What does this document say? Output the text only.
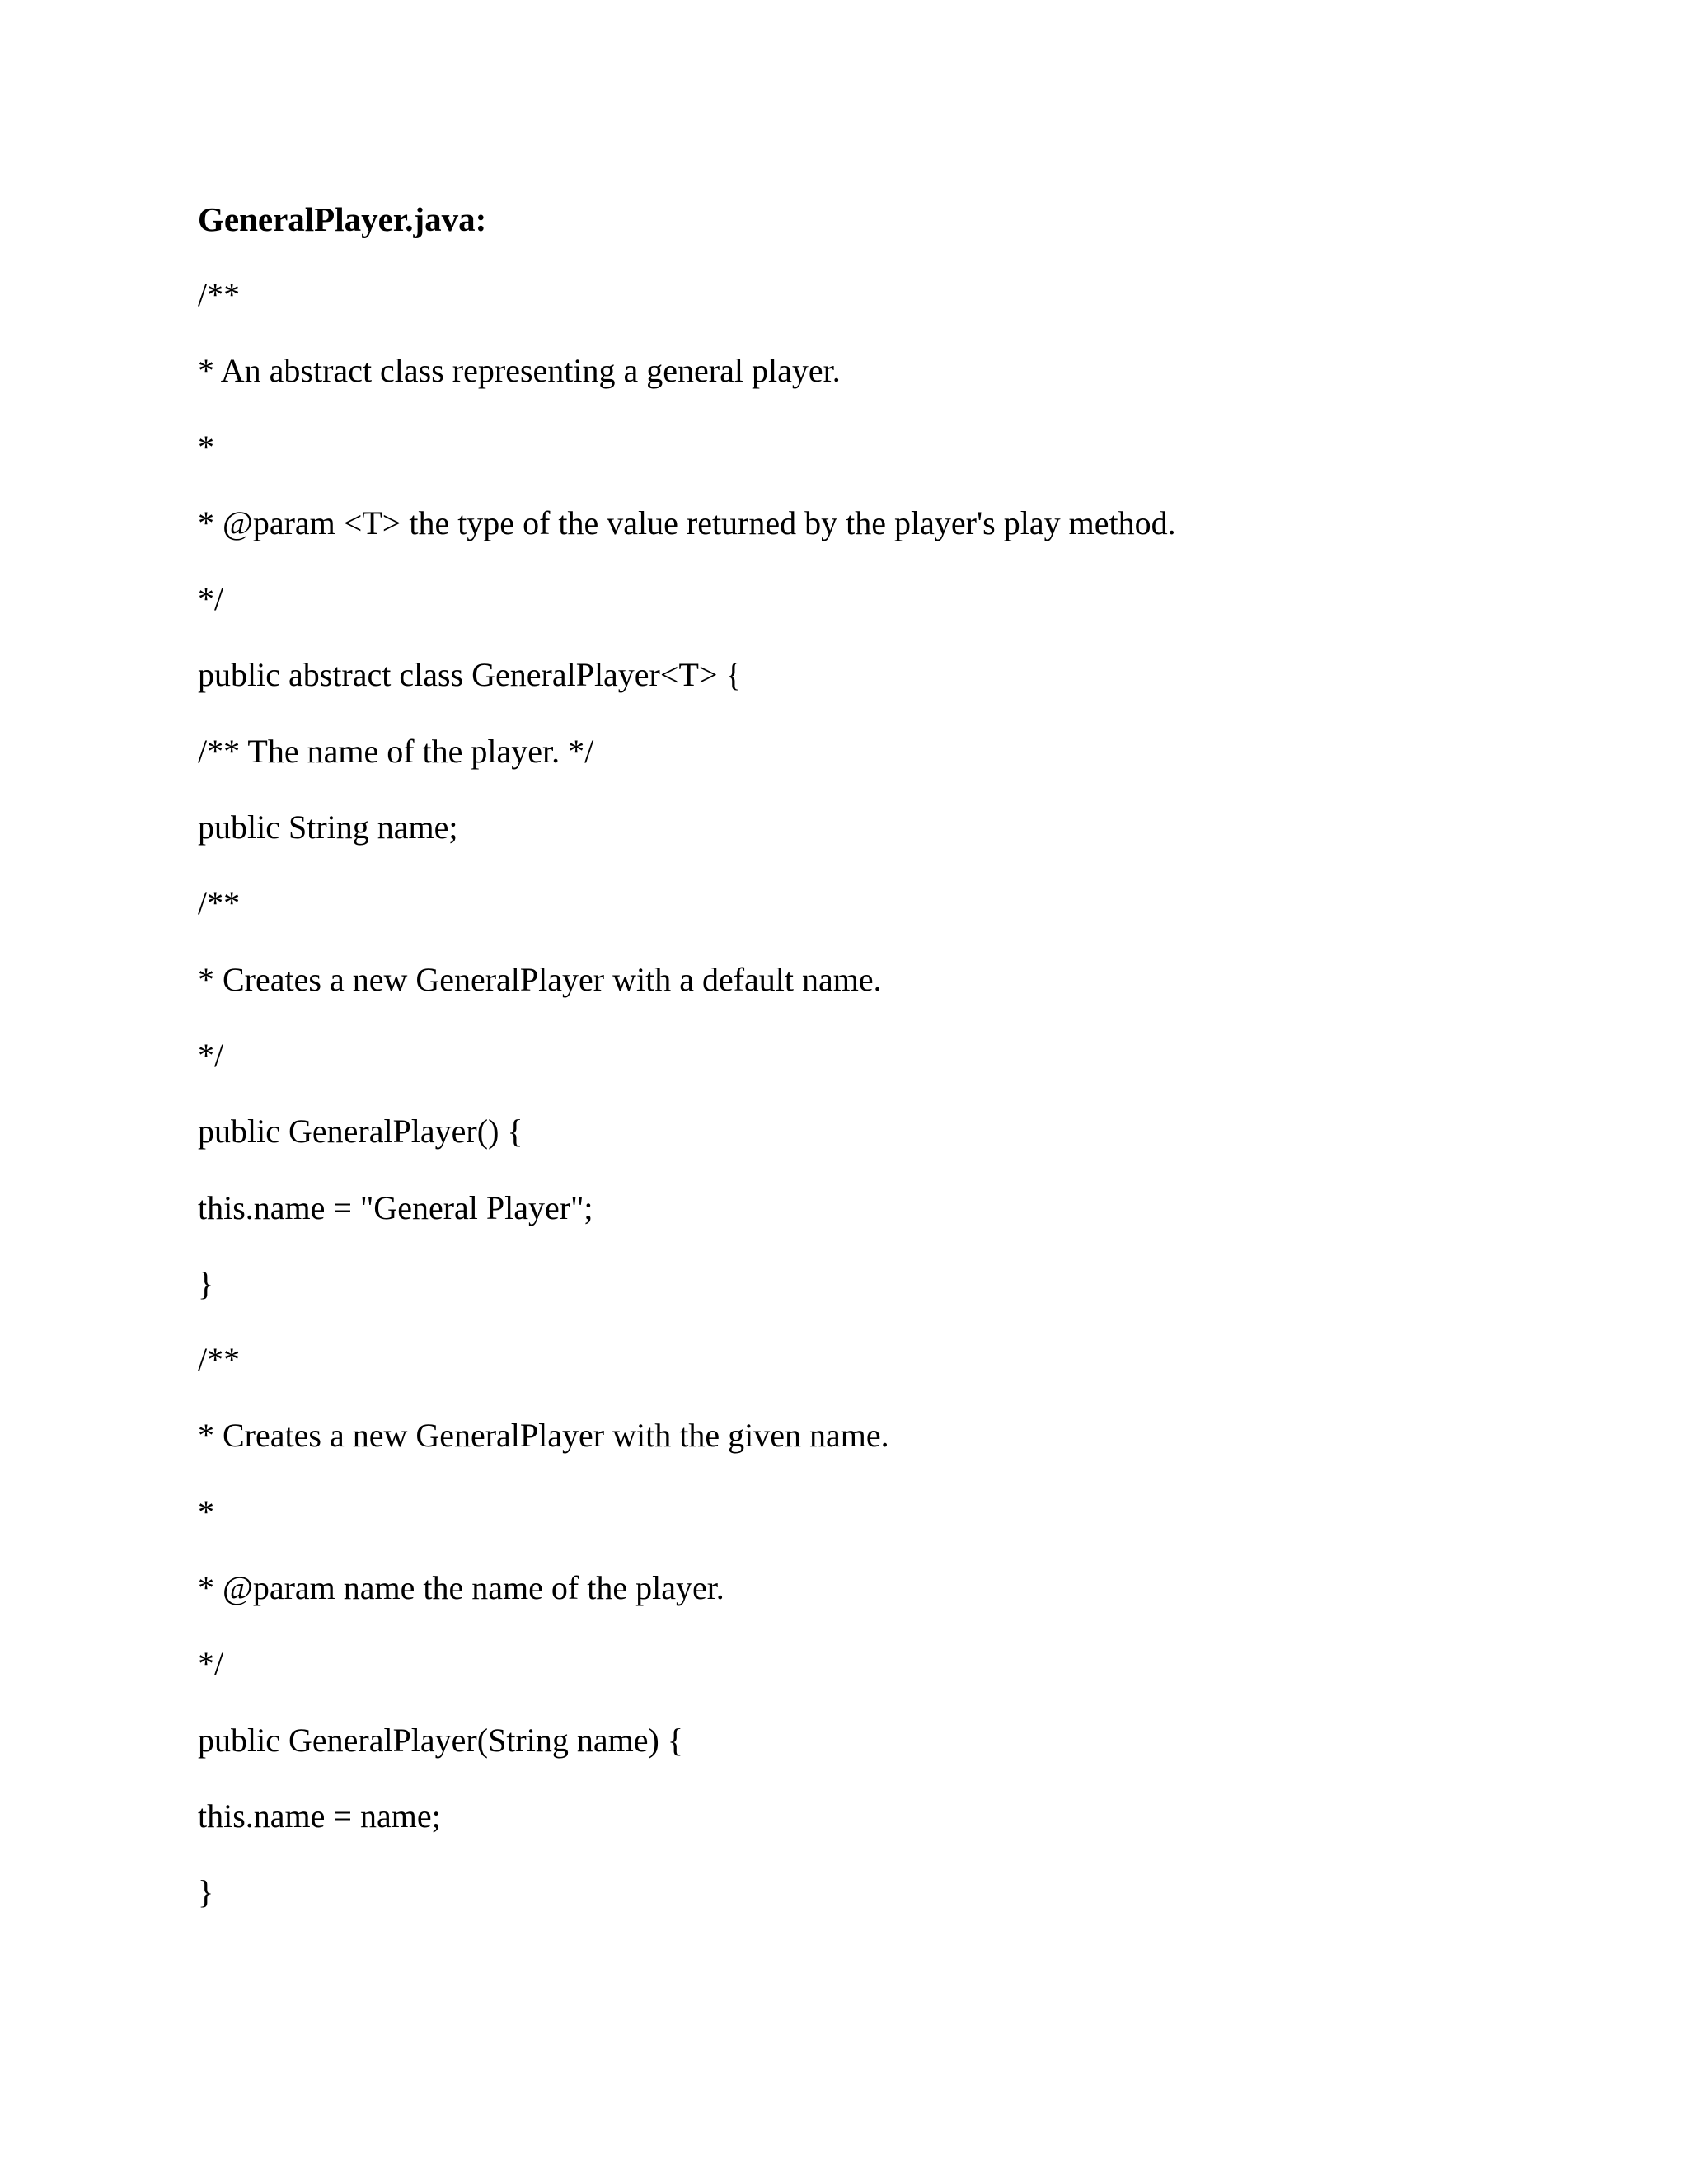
GeneralPlayer.java:
/**
* An abstract class representing a general player.
*
* @param <T> the type of the value returned by the player's play method.
*/
public abstract class GeneralPlayer<T> {
/** The name of the player. */
public String name;
/**
* Creates a new GeneralPlayer with a default name.
*/
public GeneralPlayer() {
this.name = "General Player";
}
/**
* Creates a new GeneralPlayer with the given name.
*
* @param name the name of the player.
*/
public GeneralPlayer(String name) {
this.name = name;
}
